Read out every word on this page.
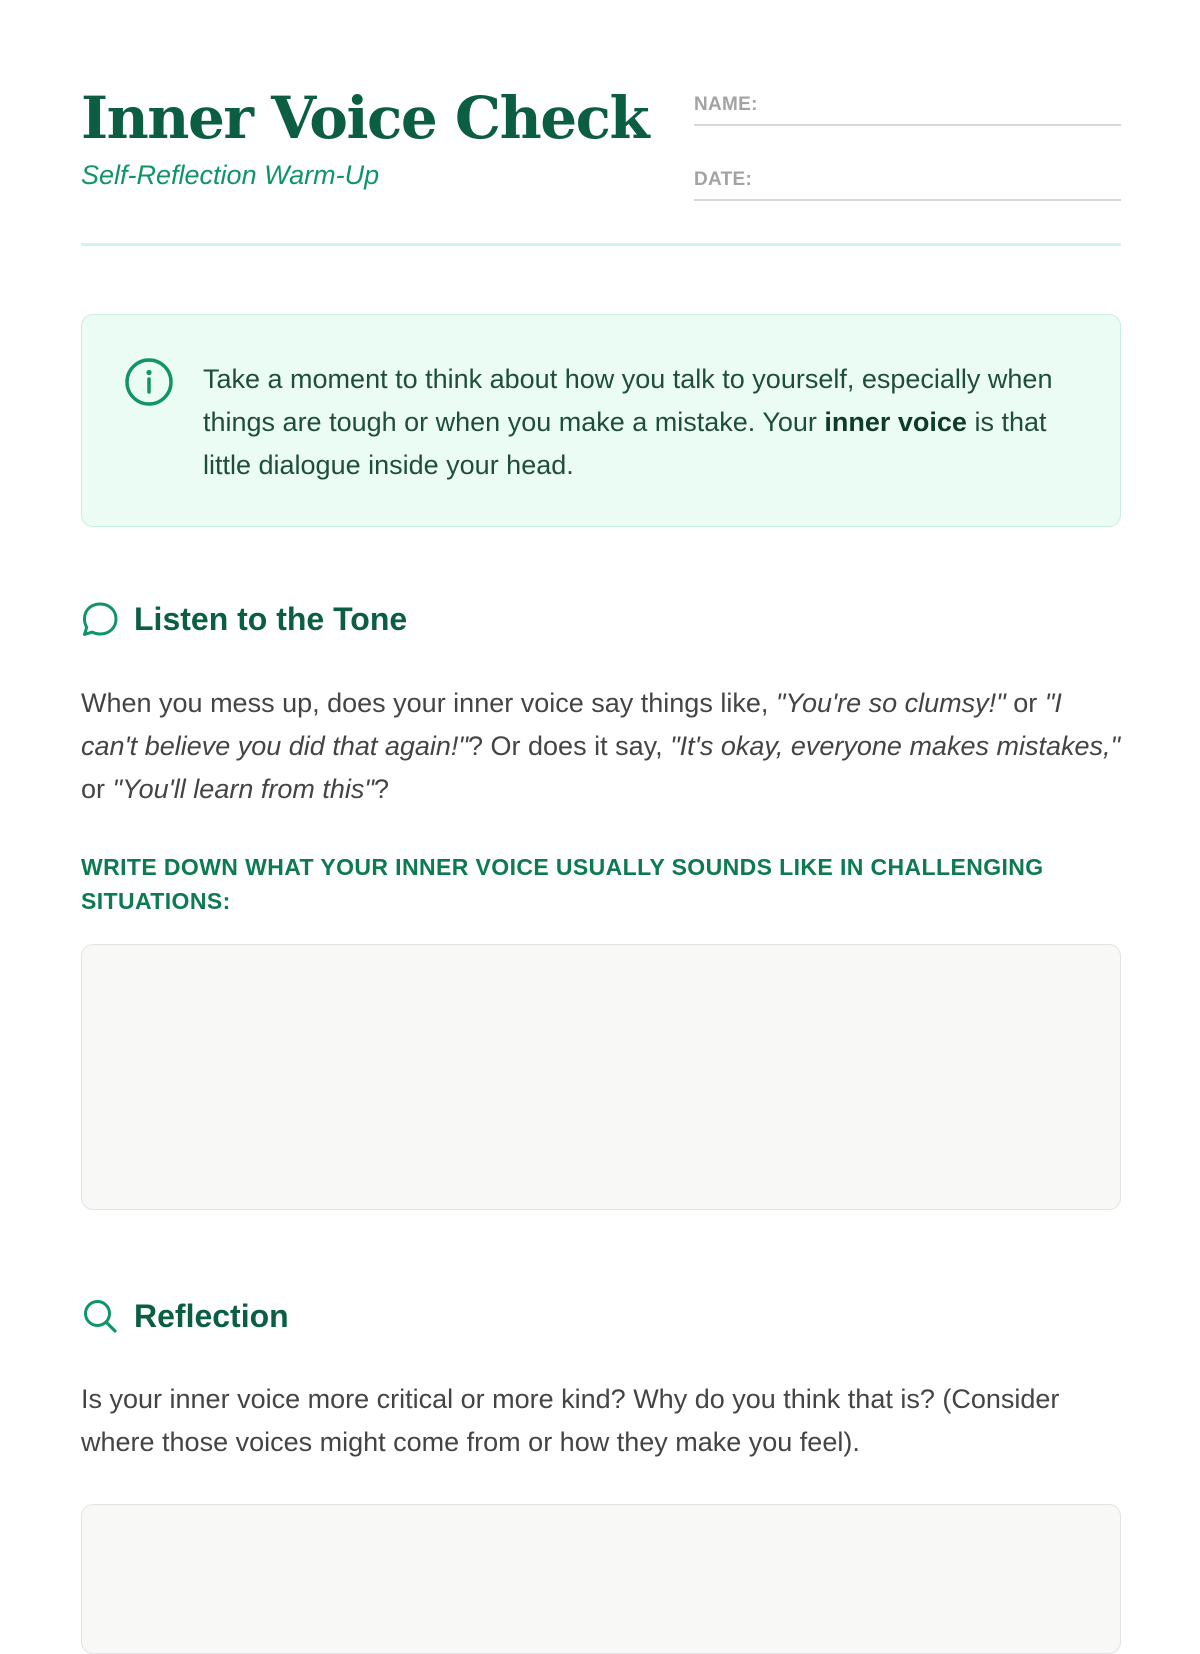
Inner Voice Check

Self-Reflection Warm-Up

NAME:
DATE:

Take a moment to think about how you talk to yourself, especially when things are tough or when you make a mistake. Your inner voice is that little dialogue inside your head.

Listen to the Tone

When you mess up, does your inner voice say things like, "You're so clumsy!" or "I can't believe you did that again!"? Or does it say, "It's okay, everyone makes mistakes," or "You'll learn from this"?

WRITE DOWN WHAT YOUR INNER VOICE USUALLY SOUNDS LIKE IN CHALLENGING SITUATIONS:

Reflection

Is your inner voice more critical or more kind? Why do you think that is? (Consider where those voices might come from or how they make you feel).
